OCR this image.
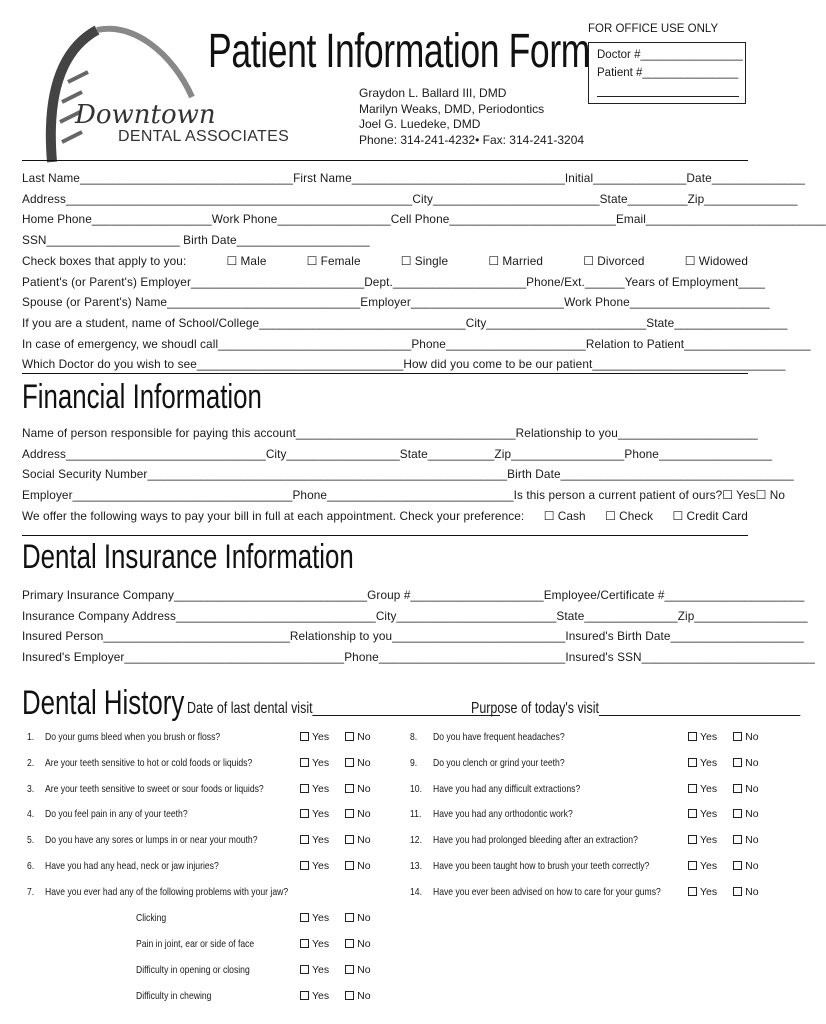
Downtown
DENTAL ASSOCIATES
Patient Information Form
Graydon L. Ballard III, DMD
Marilyn Weaks, DMD, Periodontics
Joel G. Luedeke, DMD
Phone: 314-241-4232• Fax: 314-241-3204
FOR OFFICE USE ONLY
Doctor #________________
Patient #_______________
Last Name________________________________ First Name________________________________ Initial______________ Date______________
Address____________________________________________________ City_________________________ State_________ Zip______________
Home Phone__________________ Work Phone_________________ Cell Phone_________________________ Email___________________________
SSN____________________ Birth Date____________________
Check boxes that apply to you:	☐ Male	☐ Female	☐ Single	☐ Married	☐ Divorced	☐ Widowed
Patient's (or Parent's) Employer__________________________ Dept.____________________ Phone/Ext.______ Years of Employment____
Spouse (or Parent's) Name_____________________________ Employer_______________________ Work Phone_____________________
If you are a student, name of School/College_______________________________ City________________________ State_________________
In case of emergency, we shoudl call_____________________________ Phone_____________________ Relation to Patient___________________
Which Doctor do you wish to see_______________________________ How did you come to be our patient_____________________________
Financial Information
Name of person responsible for paying this account_________________________________ Relationship to you_____________________
Address______________________________ City_________________ State__________ Zip_________________ Phone_________________
Social Security Number______________________________________________________ Birth Date___________________________________
Employer_________________________________ Phone____________________________ Is this person a current patient of ours? ☐ Yes ☐ No
We offer the following ways to pay your bill in full at each appointment. Check your preference: ☐ Cash ☐ Check ☐ Credit Card
Dental Insurance Information
Primary Insurance Company_____________________________ Group #____________________ Employee/Certificate #_____________________
Insurance Company Address______________________________ City________________________ State______________ Zip_________________
Insured Person____________________________ Relationship to you__________________________ Insured's Birth Date____________________
Insured's Employer_________________________________ Phone____________________________ Insured's SSN__________________________
Dental History Date of last dental visit___________________________
Purpose of today's visit_____________________________
1. Do your gums bleed when you brush or floss?	Yes	No
2. Are your teeth sensitive to hot or cold foods or liquids?	Yes	No
3. Are your teeth sensitive to sweet or sour foods or liquids?	Yes	No
4. Do you feel pain in any of your teeth?	Yes	No
5. Do you have any sores or lumps in or near your mouth?	Yes	No
6. Have you had any head, neck or jaw injuries?	Yes	No
7. Have you ever had any of the following problems with your jaw?
8. Do you have frequent headaches?	Yes	No
9. Do you clench or grind your teeth?	Yes	No
10. Have you had any difficult extractions?	Yes	No
11. Have you had any orthodontic work?	Yes	No
12. Have you had prolonged bleeding after an extraction?	Yes	No
13. Have you been taught how to brush your teeth correctly?	Yes	No
14. Have you ever been advised on how to care for your gums?	Yes	No
Clicking	Yes	No
Pain in joint, ear or side of face	Yes	No
Difficulty in opening or closing	Yes	No
Difficulty in chewing	Yes	No
